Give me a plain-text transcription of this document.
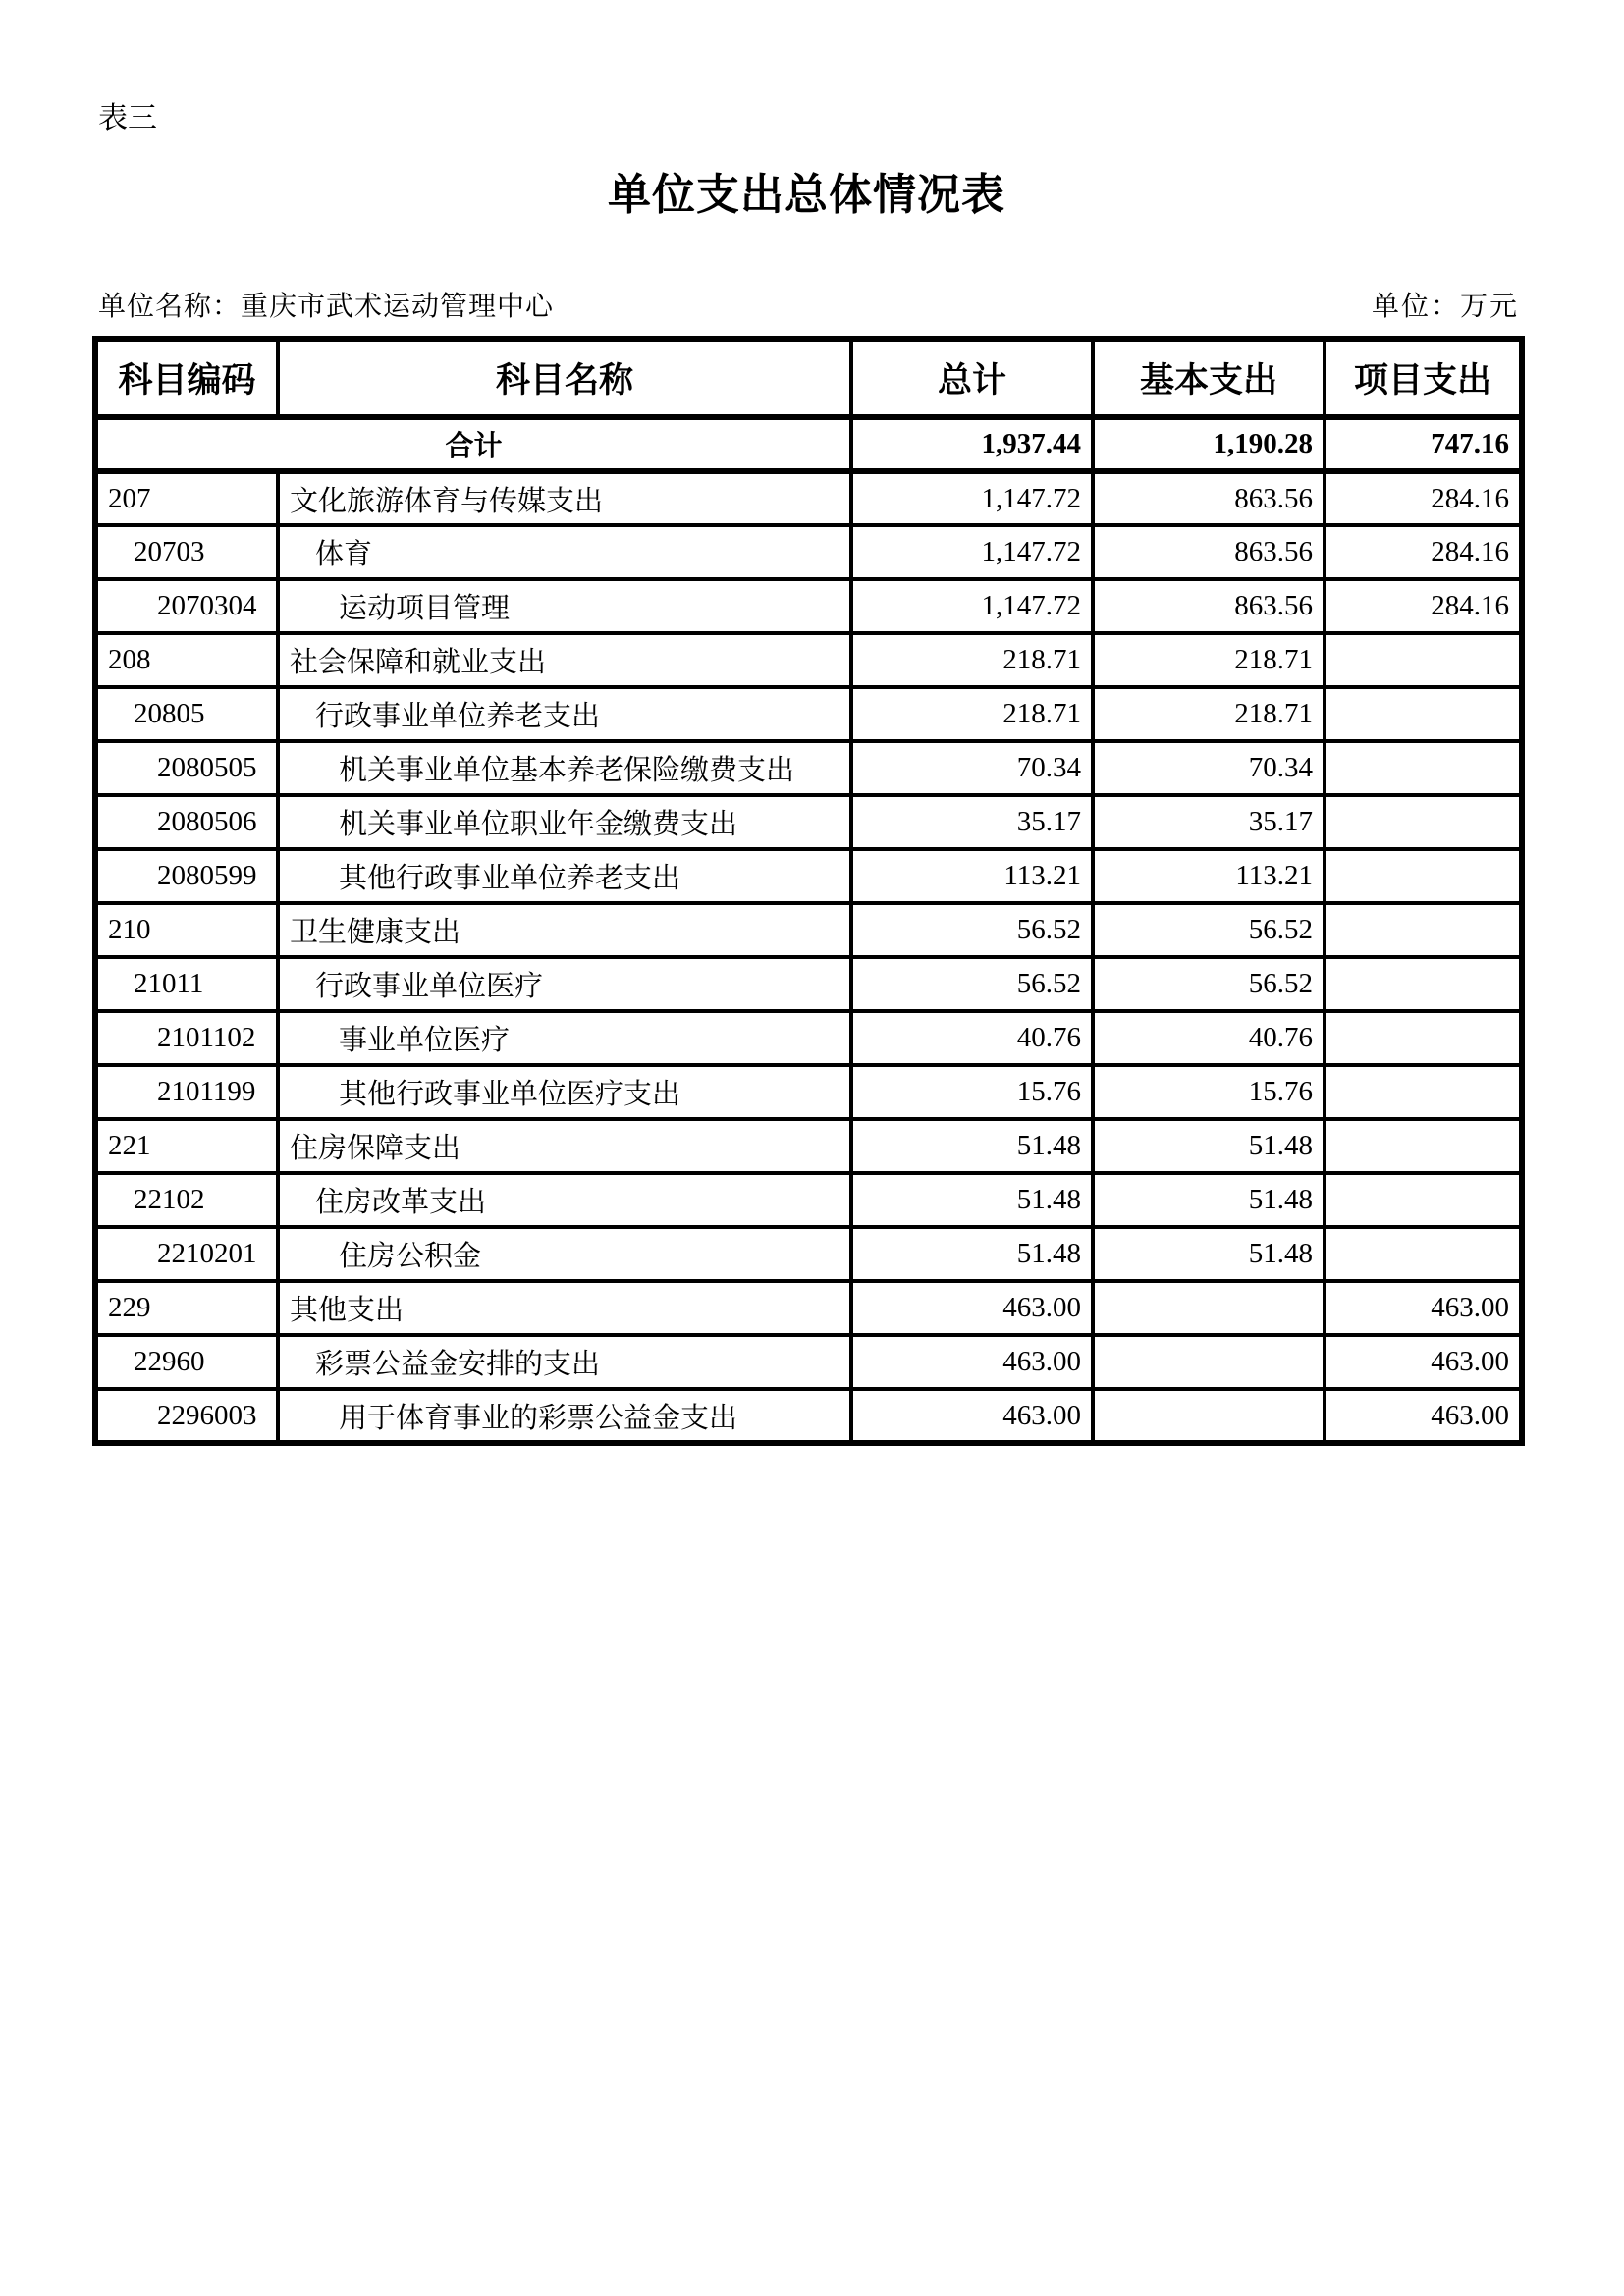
表三
单位支出总体情况表
单位名称：重庆市武术运动管理中心	单位：万元
科目编码	科目名称	总计	基本支出	项目支出
合计		1,937.44	1,190.28	747.16
207	文化旅游体育与传媒支出	1,147.72	863.56	284.16
20703	体育	1,147.72	863.56	284.16
2070304	运动项目管理	1,147.72	863.56	284.16
208	社会保障和就业支出	218.71	218.71	
20805	行政事业单位养老支出	218.71	218.71	
2080505	机关事业单位基本养老保险缴费支出	70.34	70.34	
2080506	机关事业单位职业年金缴费支出	35.17	35.17	
2080599	其他行政事业单位养老支出	113.21	113.21	
210	卫生健康支出	56.52	56.52	
21011	行政事业单位医疗	56.52	56.52	
2101102	事业单位医疗	40.76	40.76	
2101199	其他行政事业单位医疗支出	15.76	15.76	
221	住房保障支出	51.48	51.48	
22102	住房改革支出	51.48	51.48	
2210201	住房公积金	51.48	51.48	
229	其他支出	463.00		463.00
22960	彩票公益金安排的支出	463.00		463.00
2296003	用于体育事业的彩票公益金支出	463.00		463.00
